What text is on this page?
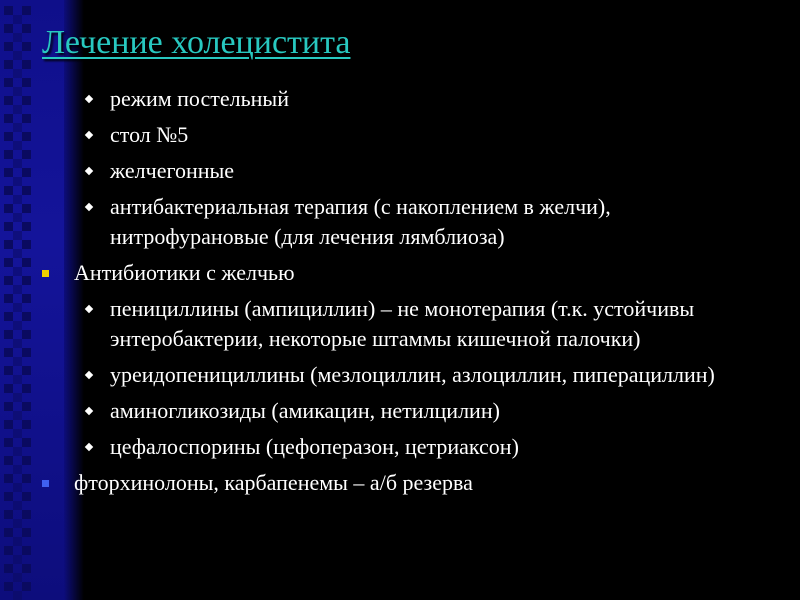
Лечение холецистита
режим постельный
стол №5
желчегонные
антибактериальная терапия (с накоплением в желчи), нитрофурановые (для лечения лямблиоза)
Антибиотики с желчью
пенициллины (ампициллин) – не монотерапия (т.к. устойчивы энтеробактерии, некоторые штаммы кишечной палочки)
уреидопенициллины (мезлоциллин, азлоциллин, пиперациллин)
аминогликозиды (амикацин, нетилцилин)
цефалоспорины (цефоперазон, цетриаксон)
фторхинолоны, карбапенемы – а/б резерва
